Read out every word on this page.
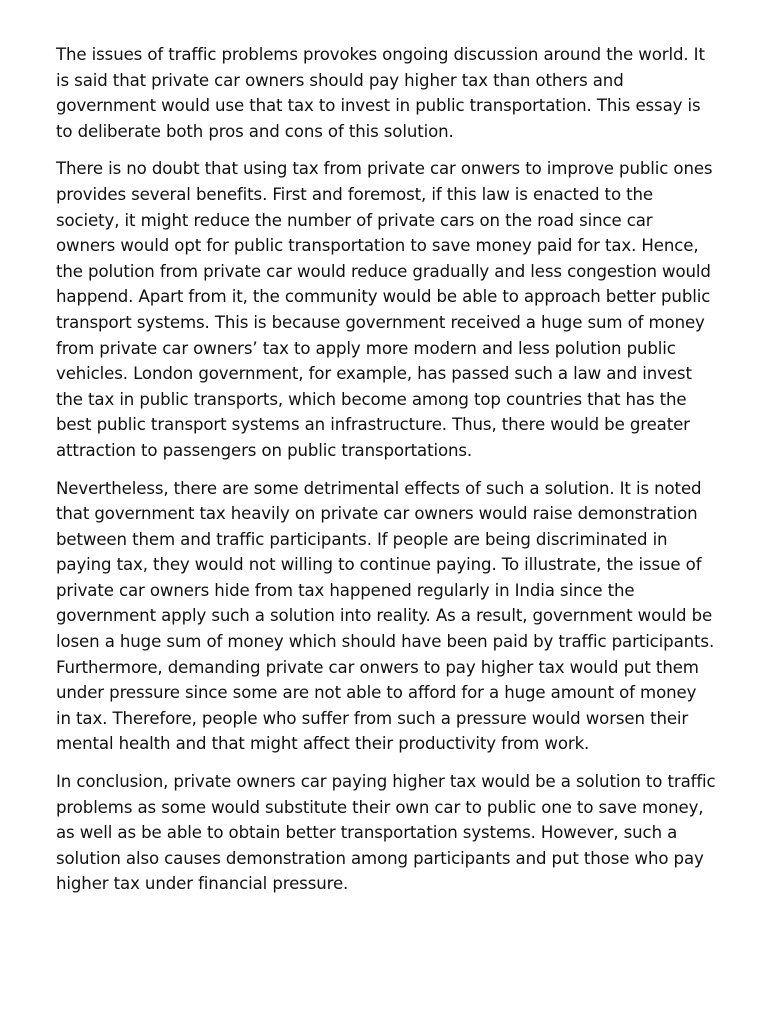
The issues of traffic problems provokes ongoing discussion around the world. It is said that private car owners should pay higher tax than others and government would use that tax to invest in public transportation. This essay is to deliberate both pros and cons of this solution.

There is no doubt that using tax from private car onwers to improve public ones provides several benefits. First and foremost, if this law is enacted to the society, it might reduce the number of private cars on the road since car owners would opt for public transportation to save money paid for tax. Hence, the polution from private car would reduce gradually and less congestion would happend. Apart from it, the community would be able to approach better public transport systems. This is because government received a huge sum of money from private car owners’ tax to apply more modern and less polution public vehicles. London government, for example, has passed such a law and invest the tax in public transports, which become among top countries that has the best public transport systems an infrastructure. Thus, there would be greater attraction to passengers on public transportations.

Nevertheless, there are some detrimental effects of such a solution. It is noted that government tax heavily on private car owners would raise demonstration between them and traffic participants. If people are being discriminated in paying tax, they would not willing to continue paying. To illustrate, the issue of private car owners hide from tax happened regularly in India since the government apply such a solution into reality. As a result, government would be losen a huge sum of money which should have been paid by traffic participants. Furthermore, demanding private car onwers to pay higher tax would put them under pressure since some are not able to afford for a huge amount of money in tax. Therefore, people who suffer from such a pressure would worsen their mental health and that might affect their productivity from work.

In conclusion, private owners car paying higher tax would be a solution to traffic problems as some would substitute their own car to public one to save money, as well as be able to obtain better transportation systems. However, such a solution also causes demonstration among participants and put those who pay higher tax under financial pressure.
